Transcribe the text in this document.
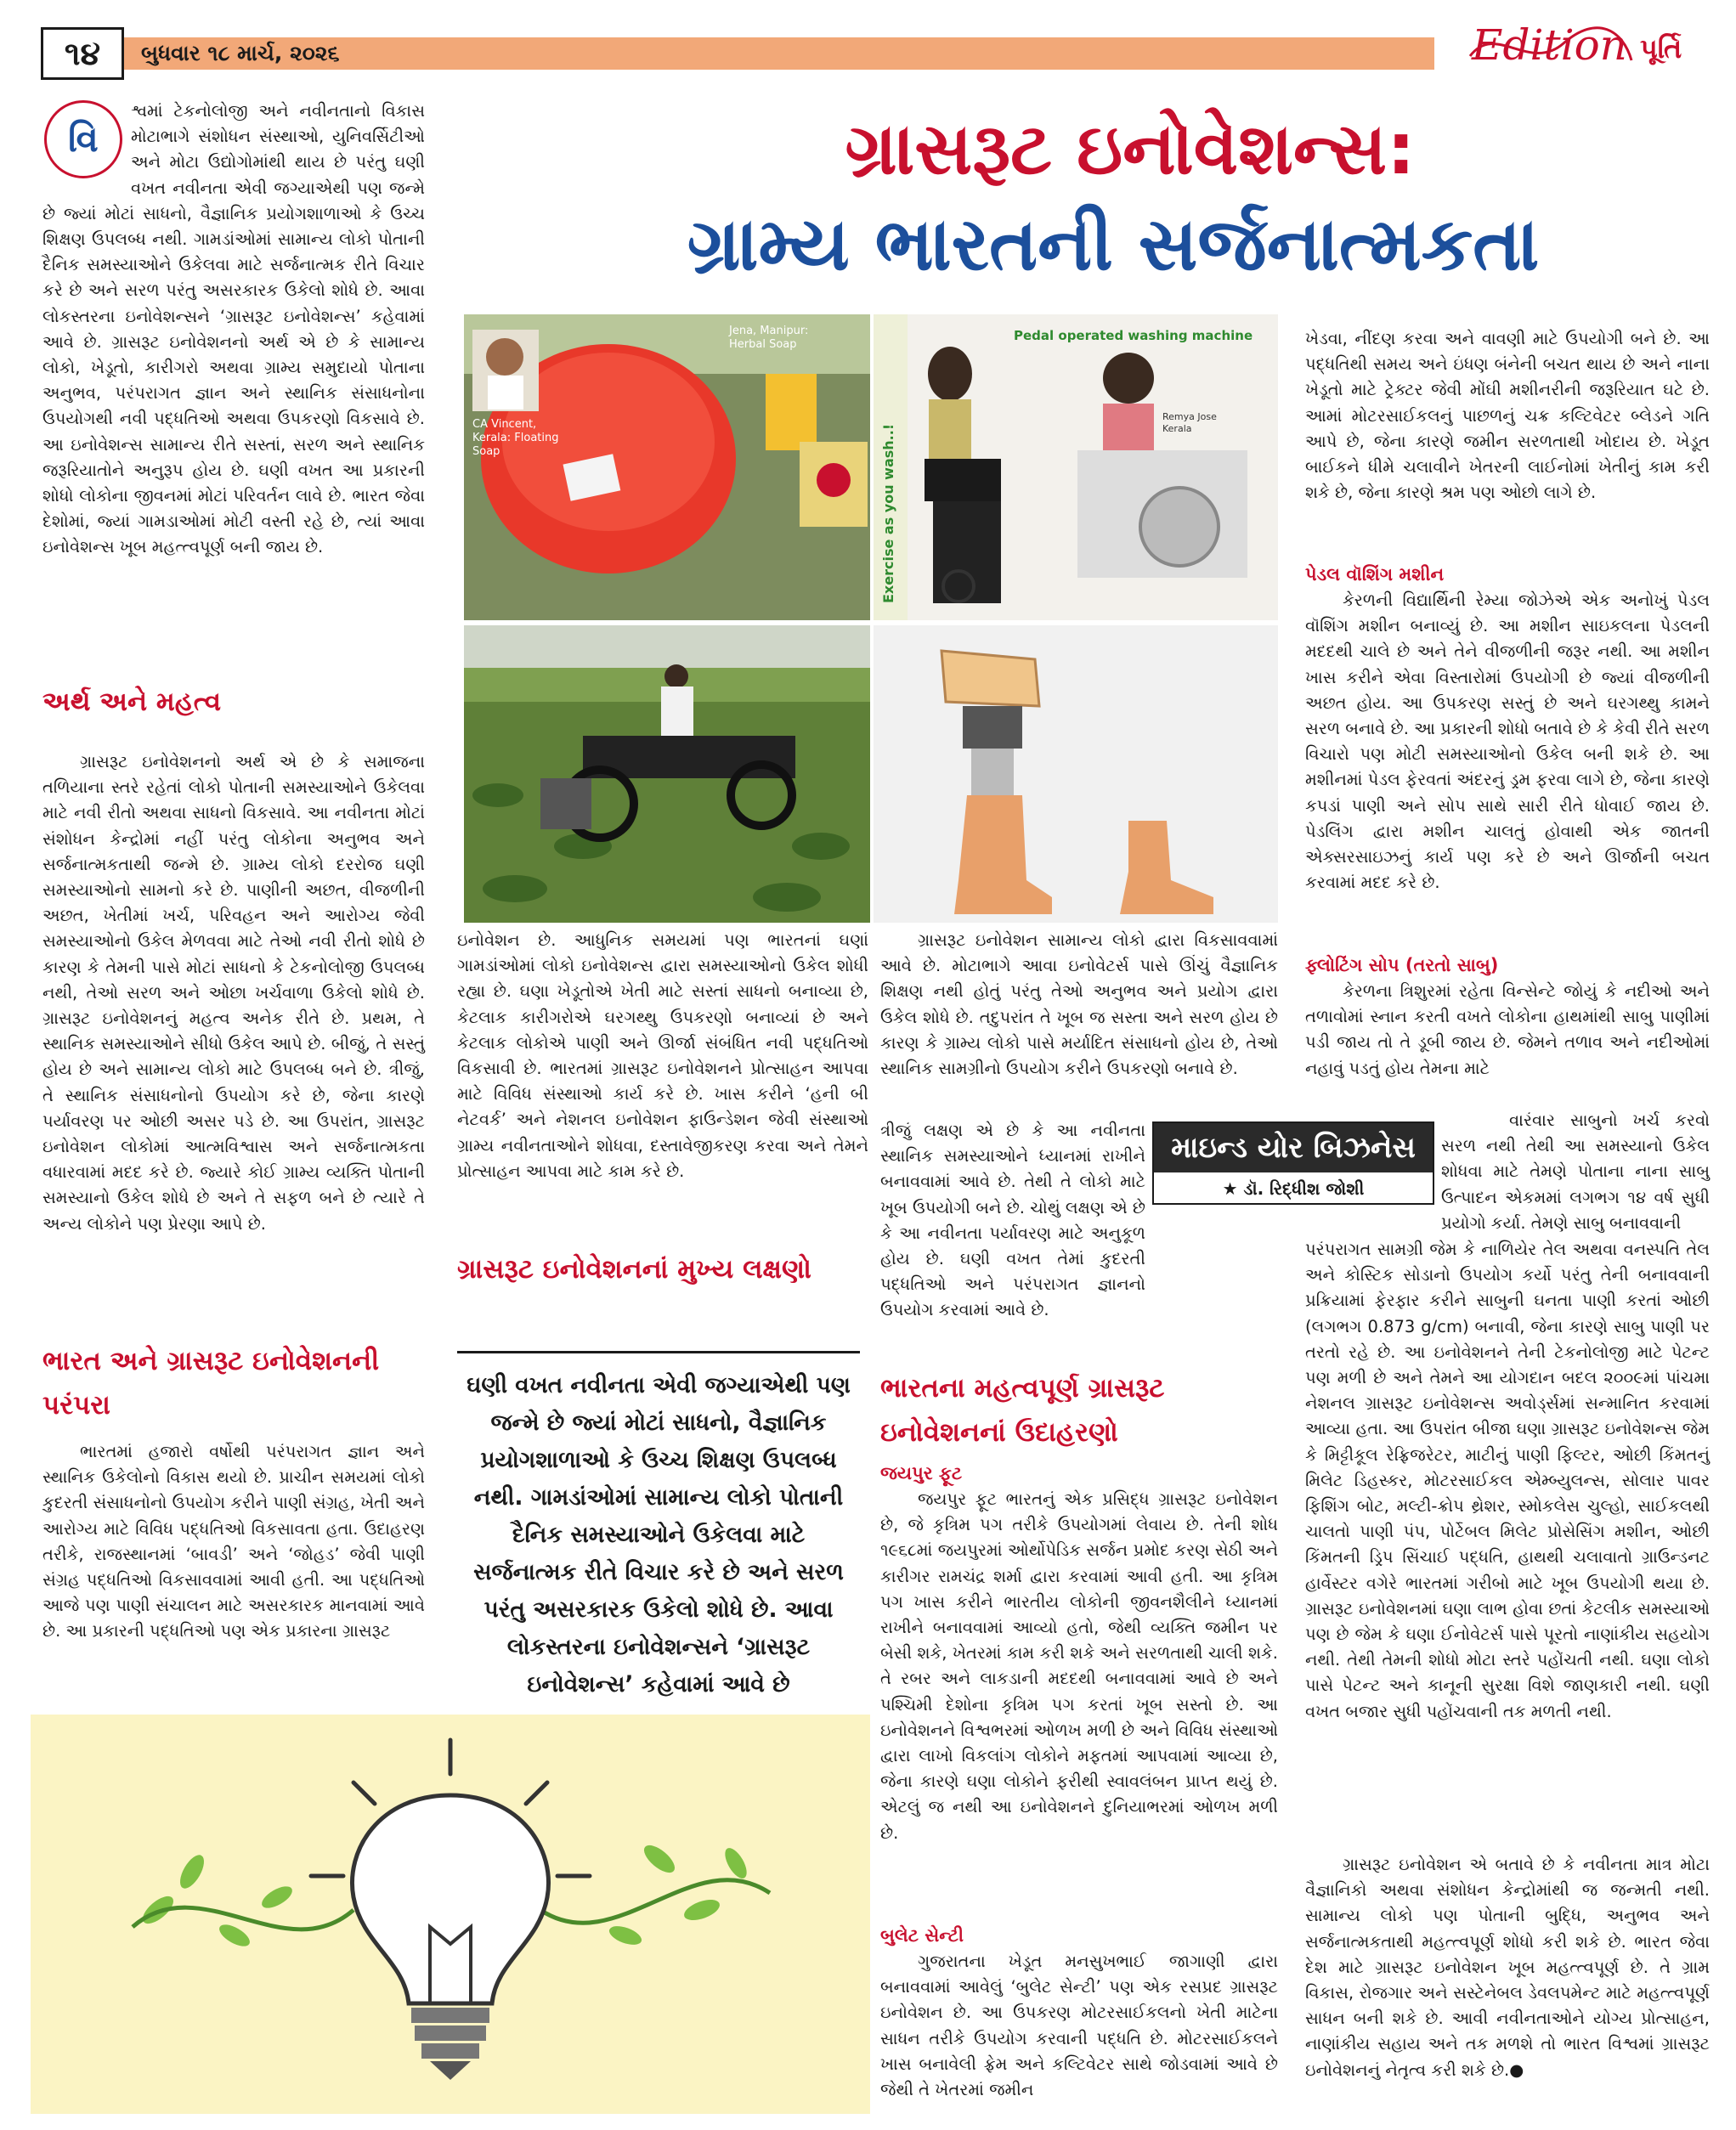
૧૪	બુધવાર ૧૮ માર્ચ, ૨૦૨૬	Edition પૂર્તિ
ગ્રાસરૂટ ઇનોવેશન્સ:
ગ્રામ્ય ભારતની સર્જનાત્મકતા
વિ
શ્વમાં ટેકનોલોજી અને નવીનતાનો વિકાસ મોટાભાગે સંશોધન સંસ્થાઓ, યુનિવર્સિટીઓ અને મોટા ઉદ્યોગોમાંથી થાય છે પરંતુ ઘણી વખત નવીનતા એવી જગ્યાએથી પણ જન્મે છે જ્યાં મોટાં સાધનો, વૈજ્ઞાનિક પ્રયોગશાળાઓ કે ઉચ્ચ શિક્ષણ ઉપલબ્ધ નથી. ગામડાંઓમાં સામાન્ય લોકો પોતાની દૈનિક સમસ્યાઓને ઉકેલવા માટે સર્જનાત્મક રીતે વિચાર કરે છે અને સરળ પરંતુ અસરકારક ઉકેલો શોધે છે. આવા લોકસ્તરના ઇનોવેશન્સને ‘ગ્રાસરૂટ ઇનોવેશન્સ’ કહેવામાં આવે છે. ગ્રાસરૂટ ઇનોવેશનનો અર્થ એ છે કે સામાન્ય લોકો, ખેડૂતો, કારીગરો અથવા ગ્રામ્ય સમુદાયો પોતાના અનુભવ, પરંપરાગત જ્ઞાન અને સ્થાનિક સંસાધનોના ઉપયોગથી નવી પદ્ધતિઓ અથવા ઉપકરણો વિકસાવે છે. આ ઇનોવેશન્સ સામાન્ય રીતે સસ્તાં, સરળ અને સ્થાનિક જરૂરિયાતોને અનુરૂપ હોય છે. ઘણી વખત આ પ્રકારની શોધો લોકોના જીવનમાં મોટાં પરિવર્તન લાવે છે. ભારત જેવા દેશોમાં, જ્યાં ગામડાઓમાં મોટી વસ્તી રહે છે, ત્યાં આવા ઇનોવેશન્સ ખૂબ મહત્ત્વપૂર્ણ બની જાય છે.
અર્થ અને મહત્વ

ગ્રાસરૂટ ઇનોવેશનનો અર્થ એ છે કે સમાજના તળિયાના સ્તરે રહેતાં લોકો પોતાની સમસ્યાઓને ઉકેલવા માટે નવી રીતો અથવા સાધનો વિકસાવે. આ નવીનતા મોટાં સંશોધન કેન્દ્રોમાં નહીં પરંતુ લોકોના અનુભવ અને સર્જનાત્મકતાથી જન્મે છે. ગ્રામ્ય લોકો દરરોજ ઘણી સમસ્યાઓનો સામનો કરે છે. પાણીની અછત, વીજળીની અછત, ખેતીમાં ખર્ચ, પરિવહન અને આરોગ્ય જેવી સમસ્યાઓનો ઉકેલ મેળવવા માટે તેઓ નવી રીતો શોધે છે કારણ કે તેમની પાસે મોટાં સાધનો કે ટેકનોલોજી ઉપલબ્ધ નથી, તેઓ સરળ અને ઓછા ખર્ચવાળા ઉકેલો શોધે છે. ગ્રાસરૂટ ઇનોવેશનનું મહત્વ અનેક રીતે છે. પ્રથમ, તે સ્થાનિક સમસ્યાઓને સીધો ઉકેલ આપે છે. બીજું, તે સસ્તું હોય છે અને સામાન્ય લોકો માટે ઉપલબ્ધ બને છે. ત્રીજું, તે સ્થાનિક સંસાધનોનો ઉપયોગ કરે છે, જેના કારણે પર્યાવરણ પર ઓછી અસર પડે છે. આ ઉપરાંત, ગ્રાસરૂટ ઇનોવેશન લોકોમાં આત્મવિશ્વાસ અને સર્જનાત્મકતા વધારવામાં મદદ કરે છે. જ્યારે કોઈ ગ્રામ્ય વ્યક્તિ પોતાની સમસ્યાનો ઉકેલ શોધે છે અને તે સફળ બને છે ત્યારે તે અન્ય લોકોને પણ પ્રેરણા આપે છે.

ભારત અને ગ્રાસરૂટ ઇનોવેશનની પરંપરા

ભારતમાં હજારો વર્ષોથી પરંપરાગત જ્ઞાન અને સ્થાનિક ઉકેલોનો વિકાસ થયો છે. પ્રાચીન સમયમાં લોકો કુદરતી સંસાધનોનો ઉપયોગ કરીને પાણી સંગ્રહ, ખેતી અને આરોગ્ય માટે વિવિધ પદ્ધતિઓ વિકસાવતા હતા. ઉદાહરણ તરીકે, રાજસ્થાનમાં ‘બાવડી’ અને ‘જોહડ’ જેવી પાણી સંગ્રહ પદ્ધતિઓ વિકસાવવામાં આવી હતી. આ પદ્ધતિઓ આજે પણ પાણી સંચાલન માટે અસરકારક માનવામાં આવે છે. આ પ્રકારની પદ્ધતિઓ પણ એક પ્રકારના ગ્રાસરૂટ

Jena, Manipur: Herbal Soap
CA Vincent, Kerala: Floating Soap	Exercise as you wash..!
Pedal operated washing machine
Remya Jose Kerala
ઇનોવેશન છે. આધુનિક સમયમાં પણ ભારતનાં ઘણાં ગામડાંઓમાં લોકો ઇનોવેશન્સ દ્વારા સમસ્યાઓનો ઉકેલ શોધી રહ્યા છે. ઘણા ખેડૂતોએ ખેતી માટે સસ્તાં સાધનો બનાવ્યા છે, કેટલાક કારીગરોએ ઘરગથ્થુ ઉપકરણો બનાવ્યાં છે અને કેટલાક લોકોએ પાણી અને ઊર્જા સંબંધિત નવી પદ્ધતિઓ વિકસાવી છે. ભારતમાં ગ્રાસરૂટ ઇનોવેશનને પ્રોત્સાહન આપવા માટે વિવિધ સંસ્થાઓ કાર્ય કરે છે. ખાસ કરીને ‘હની બી નેટવર્ક’ અને નેશનલ ઇનોવેશન ફાઉન્ડેશન જેવી સંસ્થાઓ ગ્રામ્ય નવીનતાઓને શોધવા, દસ્તાવેજીકરણ કરવા અને તેમને પ્રોત્સાહન આપવા માટે કામ કરે છે.
ગ્રાસરૂટ ઇનોવેશનનાં મુખ્ય લક્ષણો
ઘણી વખત નવીનતા એવી જગ્યાએથી પણ જન્મે છે જ્યાં મોટાં સાધનો, વૈજ્ઞાનિક પ્રયોગશાળાઓ કે ઉચ્ચ શિક્ષણ ઉપલબ્ધ નથી. ગામડાંઓમાં સામાન્ય લોકો પોતાની દૈનિક સમસ્યાઓને ઉકેલવા માટે સર્જનાત્મક રીતે વિચાર કરે છે અને સરળ પરંતુ અસરકારક ઉકેલો શોધે છે. આવા લોકસ્તરના ઇનોવેશન્સને ‘ગ્રાસરૂટ ઇનોવેશન્સ’ કહેવામાં આવે છે

ગ્રાસરૂટ ઇનોવેશન સામાન્ય લોકો દ્વારા વિકસાવવામાં આવે છે. મોટાભાગે આવા ઇનોવેટર્સ પાસે ઊંચું વૈજ્ઞાનિક શિક્ષણ નથી હોતું પરંતુ તેઓ અનુભવ અને પ્રયોગ દ્વારા ઉકેલ શોધે છે. તદુપરાંત તે ખૂબ જ સસ્તા અને સરળ હોય છે કારણ કે ગ્રામ્ય લોકો પાસે મર્યાદિત સંસાધનો હોય છે, તેઓ સ્થાનિક સામગ્રીનો ઉપયોગ કરીને ઉપકરણો બનાવે છે.

માઇન્ડ યોર બિઝનેસ
★ ડૉ. રિદ્ધીશ જોશી
ત્રીજું લક્ષણ એ છે કે આ નવીનતા સ્થાનિક સમસ્યાઓને ધ્યાનમાં રાખીને બનાવવામાં આવે છે. તેથી તે લોકો માટે ખૂબ ઉપયોગી બને છે. ચોથું લક્ષણ એ છે કે આ નવીનતા પર્યાવરણ માટે અનુકૂળ હોય છે. ઘણી વખત તેમાં કુદરતી પદ્ધતિઓ અને પરંપરાગત જ્ઞાનનો ઉપયોગ કરવામાં આવે છે.
ભારતના મહત્વપૂર્ણ ગ્રાસરૂટ ઇનોવેશનનાં ઉદાહરણો
જયપુર ફૂટ

જયપુર ફૂટ ભારતનું એક પ્રસિદ્ધ ગ્રાસરૂટ ઇનોવેશન છે, જે કૃત્રિમ પગ તરીકે ઉપયોગમાં લેવાય છે. તેની શોધ ૧૯૬૮માં જયપુરમાં ઓર્થોપેડિક સર્જન પ્રમોદ કરણ સેઠી અને કારીગર રામચંદ્ર શર્મા દ્વારા કરવામાં આવી હતી. આ કૃત્રિમ પગ ખાસ કરીને ભારતીય લોકોની જીવનશૈલીને ધ્યાનમાં રાખીને બનાવવામાં આવ્યો હતો, જેથી વ્યક્તિ જમીન પર બેસી શકે, ખેતરમાં કામ કરી શકે અને સરળતાથી ચાલી શકે. તે રબર અને લાકડાની મદદથી બનાવવામાં આવે છે અને પશ્ચિમી દેશોના કૃત્રિમ પગ કરતાં ખૂબ સસ્તો છે. આ ઇનોવેશનને વિશ્વભરમાં ઓળખ મળી છે અને વિવિધ સંસ્થાઓ દ્વારા લાખો વિકલાંગ લોકોને મફતમાં આપવામાં આવ્યા છે, જેના કારણે ઘણા લોકોને ફરીથી સ્વાવલંબન પ્રાપ્ત થયું છે. એટલું જ નથી આ ઇનોવેશનને દુનિયાભરમાં ઓળખ મળી છે.

બુલેટ સેન્ટી

ગુજરાતના ખેડૂત મનસુખભાઈ જાગાણી દ્વારા બનાવવામાં આવેલું ‘બુલેટ સેન્ટી’ પણ એક રસપ્રદ ગ્રાસરૂટ ઇનોવેશન છે. આ ઉપકરણ મોટરસાઈકલનો ખેતી માટેના સાધન તરીકે ઉપયોગ કરવાની પદ્ધતિ છે. મોટરસાઈકલને ખાસ બનાવેલી ફ્રેમ અને કલ્ટિવેટર સાથે જોડવામાં આવે છે જેથી તે ખેતરમાં જમીન

ખેડવા, નીંદણ કરવા અને વાવણી માટે ઉપયોગી બને છે. આ પદ્ધતિથી સમય અને ઇંધણ બંનેની બચત થાય છે અને નાના ખેડૂતો માટે ટ્રેક્ટર જેવી મોંઘી મશીનરીની જરૂરિયાત ઘટે છે. આમાં મોટરસાઈકલનું પાછળનું ચક્ર કલ્ટિવેટર બ્લેડને ગતિ આપે છે, જેના કારણે જમીન સરળતાથી ખોદાય છે. ખેડૂત બાઈકને ધીમે ચલાવીને ખેતરની લાઈનોમાં ખેતીનું કામ કરી શકે છે, જેના કારણે શ્રમ પણ ઓછો લાગે છે.
પેડલ વૉશિંગ મશીન

કેરળની વિદ્યાર્થિની રેમ્યા જોઝેએ એક અનોખું પેડલ વૉશિંગ મશીન બનાવ્યું છે. આ મશીન સાઇકલના પેડલની મદદથી ચાલે છે અને તેને વીજળીની જરૂર નથી. આ મશીન ખાસ કરીને એવા વિસ્તારોમાં ઉપયોગી છે જ્યાં વીજળીની અછત હોય. આ ઉપકરણ સસ્તું છે અને ઘરગથ્થુ કામને સરળ બનાવે છે. આ પ્રકારની શોધો બતાવે છે કે કેવી રીતે સરળ વિચારો પણ મોટી સમસ્યાઓનો ઉકેલ બની શકે છે. આ મશીનમાં પેડલ ફેરવતાં અંદરનું ડ્રમ ફરવા લાગે છે, જેના કારણે કપડાં પાણી અને સોપ સાથે સારી રીતે ધોવાઈ જાય છે. પેડલિંગ દ્વારા મશીન ચાલતું હોવાથી એક જાતની એક્સરસાઇઝનું કાર્ય પણ કરે છે અને ઊર્જાની બચત કરવામાં મદદ કરે છે.

ફ્લોટિંગ સોપ (તરતો સાબુ)

કેરળના ત્રિશુરમાં રહેતા વિન્સેન્ટે જોયું કે નદીઓ અને તળાવોમાં સ્નાન કરતી વખતે લોકોના હાથમાંથી સાબુ પાણીમાં પડી જાય તો તે ડૂબી જાય છે. જેમને તળાવ અને નદીઓમાં નહાવું પડતું હોય તેમના માટે

વારંવાર સાબુનો ખર્ચ કરવો સરળ નથી તેથી આ સમસ્યાનો ઉકેલ શોધવા માટે તેમણે પોતાના નાના સાબુ ઉત્પાદન એકમમાં લગભગ ૧૪ વર્ષ સુધી પ્રયોગો કર્યા. તેમણે સાબુ બનાવવાની
પરંપરાગત સામગ્રી જેમ કે નાળિયેર તેલ અથવા વનસ્પતિ તેલ અને કોસ્ટિક સોડાનો ઉપયોગ કર્યો પરંતુ તેની બનાવવાની પ્રક્રિયામાં ફેરફાર કરીને સાબુની ઘનતા પાણી કરતાં ઓછી (લગભગ 0.873 g/cm) બનાવી, જેના કારણે સાબુ પાણી પર તરતો રહે છે. આ ઇનોવેશનને તેની ટેકનોલોજી માટે પેટન્ટ પણ મળી છે અને તેમને આ યોગદાન બદલ ૨૦૦૯માં પાંચમા નેશનલ ગ્રાસરૂટ ઇનોવેશન્સ અવોર્ડ્સમાં સન્માનિત કરવામાં આવ્યા હતા. આ ઉપરાંત બીજા ઘણા ગ્રાસરૂટ ઇનોવેશન્સ જેમ કે મિટ્ટીકૂલ રેફ્રિજરેટર, માટીનું પાણી ફિલ્ટર, ઓછી કિંમતનું મિલેટ ડિહસ્કર, મોટરસાઈકલ એમ્બ્યુલન્સ, સોલાર પાવર ફિશિંગ બોટ, મલ્ટી-ક્રોપ થ્રેશર, સ્મોકલેસ ચુલ્હો, સાઈકલથી ચાલતો પાણી પંપ, પોર્ટેબલ મિલેટ પ્રોસેસિંગ મશીન, ઓછી કિંમતની ડ્રિપ સિંચાઈ પદ્ધતિ, હાથથી ચલાવાતો ગ્રાઉન્ડનટ હાર્વેસ્ટર વગેરે ભારતમાં ગરીબો માટે ખૂબ ઉપયોગી થયા છે. ગ્રાસરૂટ ઇનોવેશનમાં ઘણા લાભ હોવા છતાં કેટલીક સમસ્યાઓ પણ છે જેમ કે ઘણા ઈનોવેટર્સ પાસે પૂરતો નાણાંકીય સહયોગ નથી. તેથી તેમની શોધો મોટા સ્તરે પહોંચતી નથી. ઘણા લોકો પાસે પેટન્ટ અને કાનૂની સુરક્ષા વિશે જાણકારી નથી. ઘણી વખત બજાર સુધી પહોંચવાની તક મળતી નથી.

ગ્રાસરૂટ ઇનોવેશન એ બતાવે છે કે નવીનતા માત્ર મોટા વૈજ્ઞાનિકો અથવા સંશોધન કેન્દ્રોમાંથી જ જન્મતી નથી. સામાન્ય લોકો પણ પોતાની બુદ્ધિ, અનુભવ અને સર્જનાત્મકતાથી મહત્ત્વપૂર્ણ શોધો કરી શકે છે. ભારત જેવા દેશ માટે ગ્રાસરૂટ ઇનોવેશન ખૂબ મહત્ત્વપૂર્ણ છે. તે ગ્રામ વિકાસ, રોજગાર અને સસ્ટેનેબલ ડેવલપમેન્ટ માટે મહત્ત્વપૂર્ણ સાધન બની શકે છે. આવી નવીનતાઓને યોગ્ય પ્રોત્સાહન, નાણાંકીય સહાય અને તક મળશે તો ભારત વિશ્વમાં ગ્રાસરૂટ ઇનોવેશનનું નેતૃત્વ કરી શકે છે.●
